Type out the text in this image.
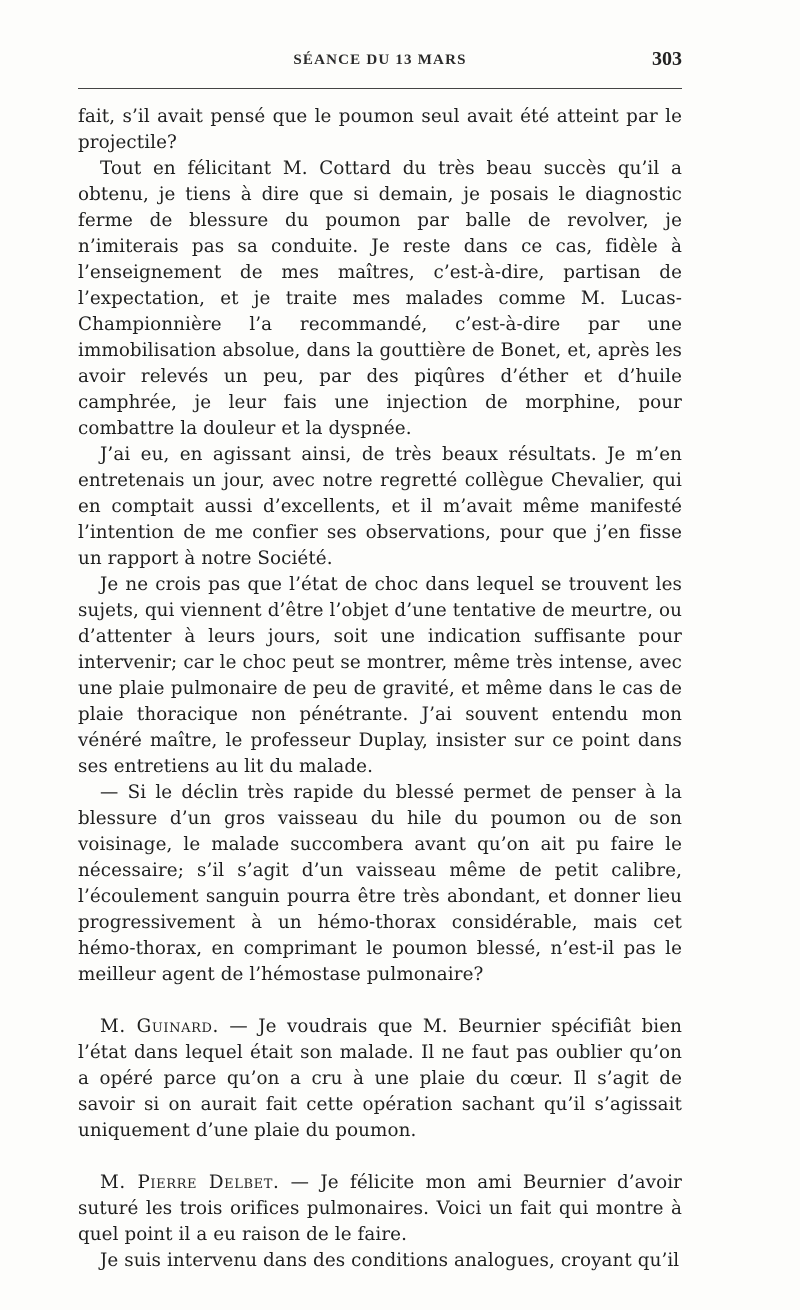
SÉANCE DU 13 MARS	303

fait, s’il avait pensé que le poumon seul avait été atteint par le projectile?

Tout en félicitant M. Cottard du très beau succès qu’il a obtenu, je tiens à dire que si demain, je posais le diagnostic ferme de blessure du poumon par balle de revolver, je n’imiterais pas sa conduite. Je reste dans ce cas, fidèle à l’enseignement de mes maîtres, c’est-à-dire, partisan de l’expectation, et je traite mes malades comme M. Lucas-Championnière l’a recommandé, c’est-à-dire par une immobilisation absolue, dans la gouttière de Bonet, et, après les avoir relevés un peu, par des piqûres d’éther et d’huile camphrée, je leur fais une injection de morphine, pour combattre la douleur et la dyspnée.

J’ai eu, en agissant ainsi, de très beaux résultats. Je m’en entretenais un jour, avec notre regretté collègue Chevalier, qui en comptait aussi d’excellents, et il m’avait même manifesté l’intention de me confier ses observations, pour que j’en fisse un rapport à notre Société.

Je ne crois pas que l’état de choc dans lequel se trouvent les sujets, qui viennent d’être l’objet d’une tentative de meurtre, ou d’attenter à leurs jours, soit une indication suffisante pour intervenir; car le choc peut se montrer, même très intense, avec une plaie pulmonaire de peu de gravité, et même dans le cas de plaie thoracique non pénétrante. J’ai souvent entendu mon vénéré maître, le professeur Duplay, insister sur ce point dans ses entretiens au lit du malade.

— Si le déclin très rapide du blessé permet de penser à la blessure d’un gros vaisseau du hile du poumon ou de son voisinage, le malade succombera avant qu’on ait pu faire le nécessaire; s’il s’agit d’un vaisseau même de petit calibre, l’écoulement sanguin pourra être très abondant, et donner lieu progressivement à un hémo-thorax considérable, mais cet hémo-thorax, en comprimant le poumon blessé, n’est-il pas le meilleur agent de l’hémostase pulmonaire?

M. Guinard. — Je voudrais que M. Beurnier spécifiât bien l’état dans lequel était son malade. Il ne faut pas oublier qu’on a opéré parce qu’on a cru à une plaie du cœur. Il s’agit de savoir si on aurait fait cette opération sachant qu’il s’agissait uniquement d’une plaie du poumon.

M. Pierre Delbet. — Je félicite mon ami Beurnier d’avoir suturé les trois orifices pulmonaires. Voici un fait qui montre à quel point il a eu raison de le faire.

Je suis intervenu dans des conditions analogues, croyant qu’il
